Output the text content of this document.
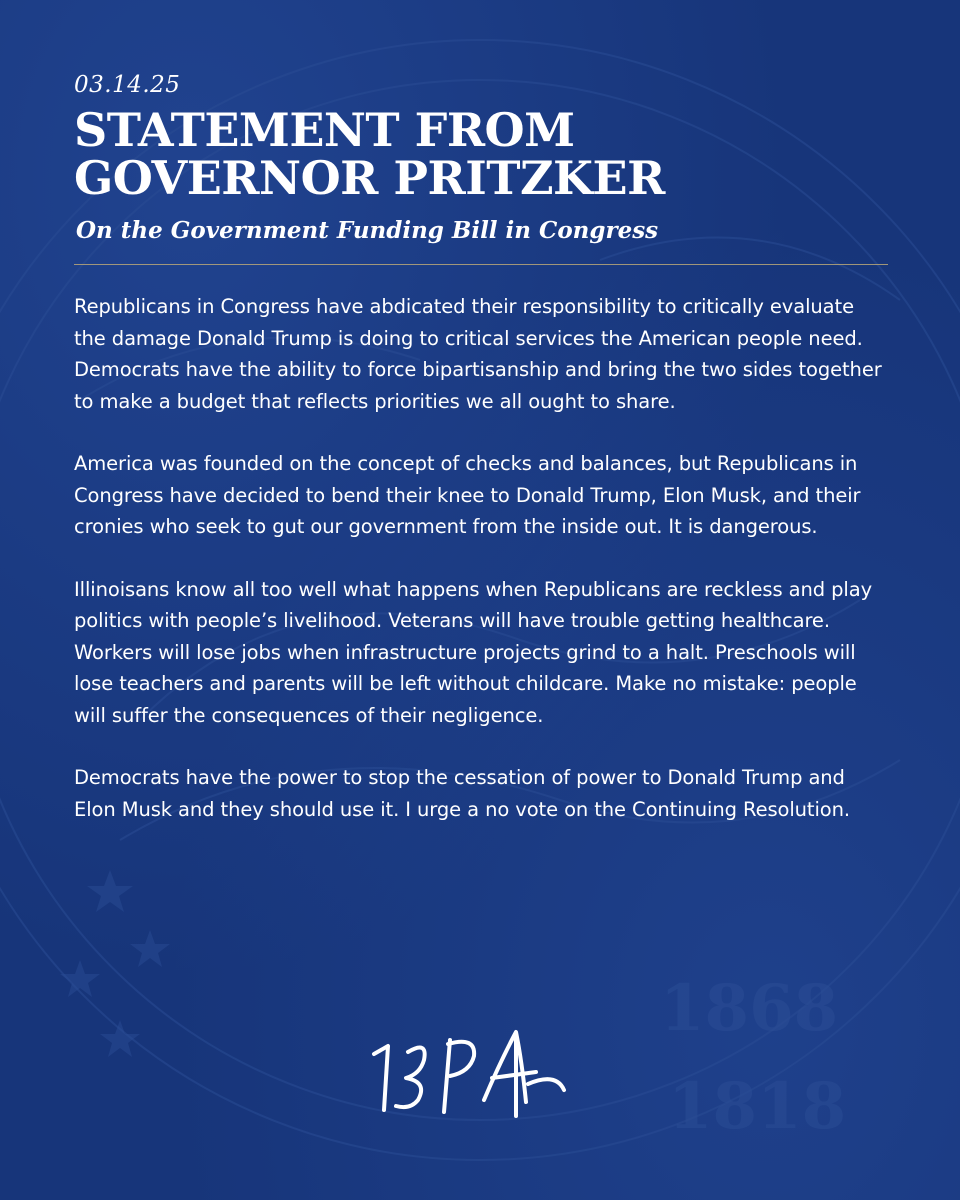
1868
1818
03.14.25
STATEMENT FROM
GOVERNOR PRITZKER
On the Government Funding Bill in Congress

Republicans in Congress have abdicated their responsibility to critically evaluate the damage Donald Trump is doing to critical services the American people need. Democrats have the ability to force bipartisanship and bring the two sides together to make a budget that reflects priorities we all ought to share.

America was founded on the concept of checks and balances, but Republicans in Congress have decided to bend their knee to Donald Trump, Elon Musk, and their cronies who seek to gut our government from the inside out. It is dangerous.

Illinoisans know all too well what happens when Republicans are reckless and play politics with people’s livelihood. Veterans will have trouble getting healthcare. Workers will lose jobs when infrastructure projects grind to a halt. Preschools will lose teachers and parents will be left without childcare. Make no mistake: people will suffer the consequences of their negligence.

Democrats have the power to stop the cessation of power to Donald Trump and Elon Musk and they should use it. I urge a no vote on the Continuing Resolution.
